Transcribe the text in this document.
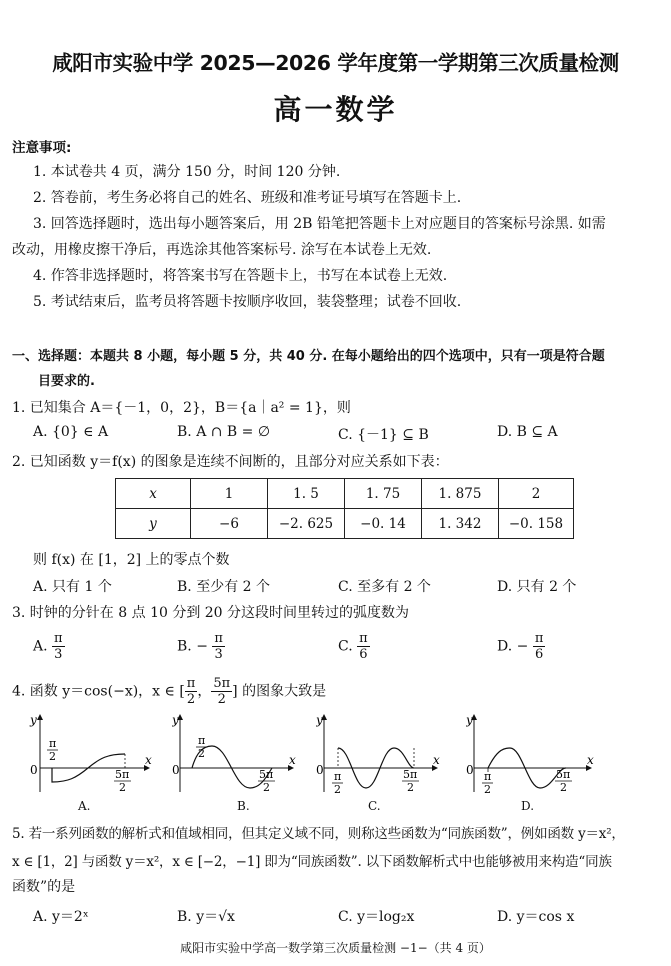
咸阳市实验中学 2025—2026 学年度第一学期第三次质量检测
高一数学
注意事项:
1. 本试卷共 4 页，满分 150 分，时间 120 分钟.
2. 答卷前，考生务必将自己的姓名、班级和准考证号填写在答题卡上.
3. 回答选择题时，选出每小题答案后，用 2B 铅笔把答题卡上对应题目的答案标号涂黑. 如需
改动，用橡皮擦干净后，再选涂其他答案标号. 涂写在本试卷上无效.
4. 作答非选择题时，将答案书写在答题卡上，书写在本试卷上无效.
5. 考试结束后，监考员将答题卡按顺序收回，装袋整理；试卷不回收.
一、选择题：本题共 8 小题，每小题 5 分，共 40 分. 在每小题给出的四个选项中，只有一项是符合题
目要求的.
1. 已知集合 A＝{－1，0，2}，B＝{a｜a² = 1}，则
A. {0} ∈ A	B. A ∩ B = ∅	C. {－1} ⊆ B	D. B ⊆ A
2. 已知函数 y＝f(x) 的图象是连续不间断的，且部分对应关系如下表：
x	1	1. 5	1. 75	1. 875	2
y	−6	−2. 625	−0. 14	1. 342	−0. 158
则 f(x) 在 [1，2] 上的零点个数
A. 只有 1 个	B. 至少有 2 个	C. 至多有 2 个	D. 只有 2 个
3. 时钟的分针在 8 点 10 分到 20 分这段时间里转过的弧度数为
A. $\frac{\pi}{3}$	B. − $\frac{\pi}{3}$	C. $\frac{\pi}{6}$	D. − $\frac{\pi}{6}$
4. 函数 y＝cos(−x)，x ∈ [ $\frac{\pi}{2}$ ， $\frac{5\pi}{2}$ ] 的图象大致是
y
x
0
π
2
5π
2
A.
y
x
0
π
2
5π
2
B.
y
x
0 π
2
5π
2
C.
y
x
0 π
2
5π
2
D.
5. 若一系列函数的解析式和值域相同，但其定义域不同，则称这些函数为“同族函数”，例如函数 y＝x²，
x ∈ [1，2] 与函数 y＝x²，x ∈ [−2，−1] 即为“同族函数”. 以下函数解析式中也能够被用来构造“同族
函数”的是
A. y＝2ˣ	B. y＝√x	C. y＝log₂x	D. y＝cos x
咸阳市实验中学高一数学第三次质量检测 −1−（共 4 页）
